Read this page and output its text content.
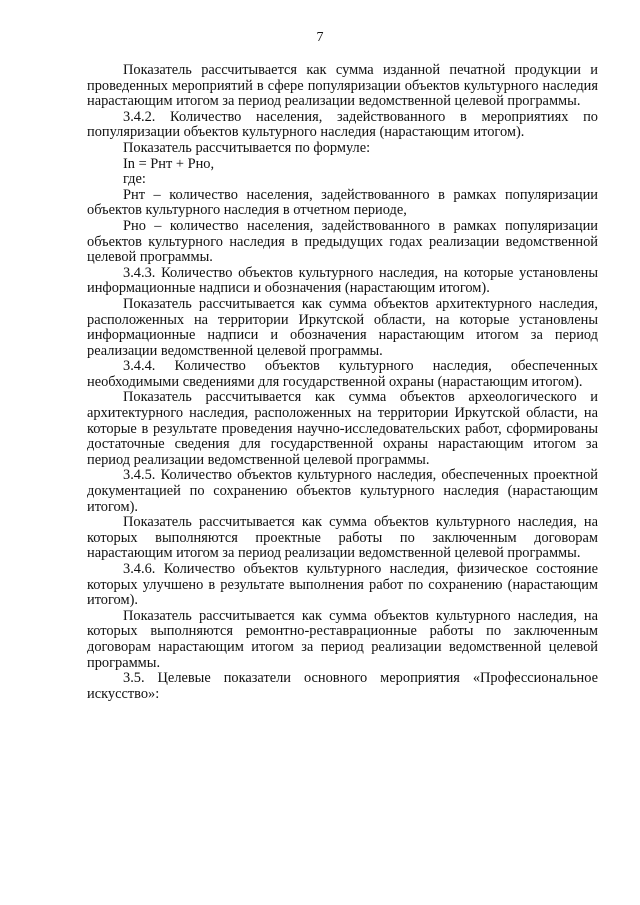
7

Показатель рассчитывается как сумма изданной печатной продукции и проведенных мероприятий в сфере популяризации объектов культурного наследия нарастающим итогом за период реализации ведомственной целевой программы.

3.4.2. Количество населения, задействованного в мероприятиях по популяризации объектов культурного наследия (нарастающим итогом).

Показатель рассчитывается по формуле:

In = Рнт + Рно,

где:

Рнт – количество населения, задействованного в рамках популяризации объектов культурного наследия в отчетном периоде,

Рно – количество населения, задействованного в рамках популяризации объектов культурного наследия в предыдущих годах реализации ведомственной целевой программы.

3.4.3. Количество объектов культурного наследия, на которые установлены информационные надписи и обозначения (нарастающим итогом).

Показатель рассчитывается как сумма объектов архитектурного наследия, расположенных на территории Иркутской области, на которые установлены информационные надписи и обозначения нарастающим итогом за период реализации ведомственной целевой программы.

3.4.4. Количество объектов культурного наследия, обеспеченных необходимыми сведениями для государственной охраны (нарастающим итогом).

Показатель рассчитывается как сумма объектов археологического и архитектурного наследия, расположенных на территории Иркутской области, на которые в результате проведения научно-исследовательских работ, сформированы достаточные сведения для государственной охраны нарастающим итогом за период реализации ведомственной целевой программы.

3.4.5. Количество объектов культурного наследия, обеспеченных проектной документацией по сохранению объектов культурного наследия (нарастающим итогом).

Показатель рассчитывается как сумма объектов культурного наследия, на которых выполняются проектные работы по заключенным договорам нарастающим итогом за период реализации ведомственной целевой программы.

3.4.6. Количество объектов культурного наследия, физическое состояние которых улучшено в результате выполнения работ по сохранению (нарастающим итогом).

Показатель рассчитывается как сумма объектов культурного наследия, на которых выполняются ремонтно-реставрационные работы по заключенным договорам нарастающим итогом за период реализации ведомственной целевой программы.

3.5. Целевые показатели основного мероприятия «Профессиональное искусство»:
